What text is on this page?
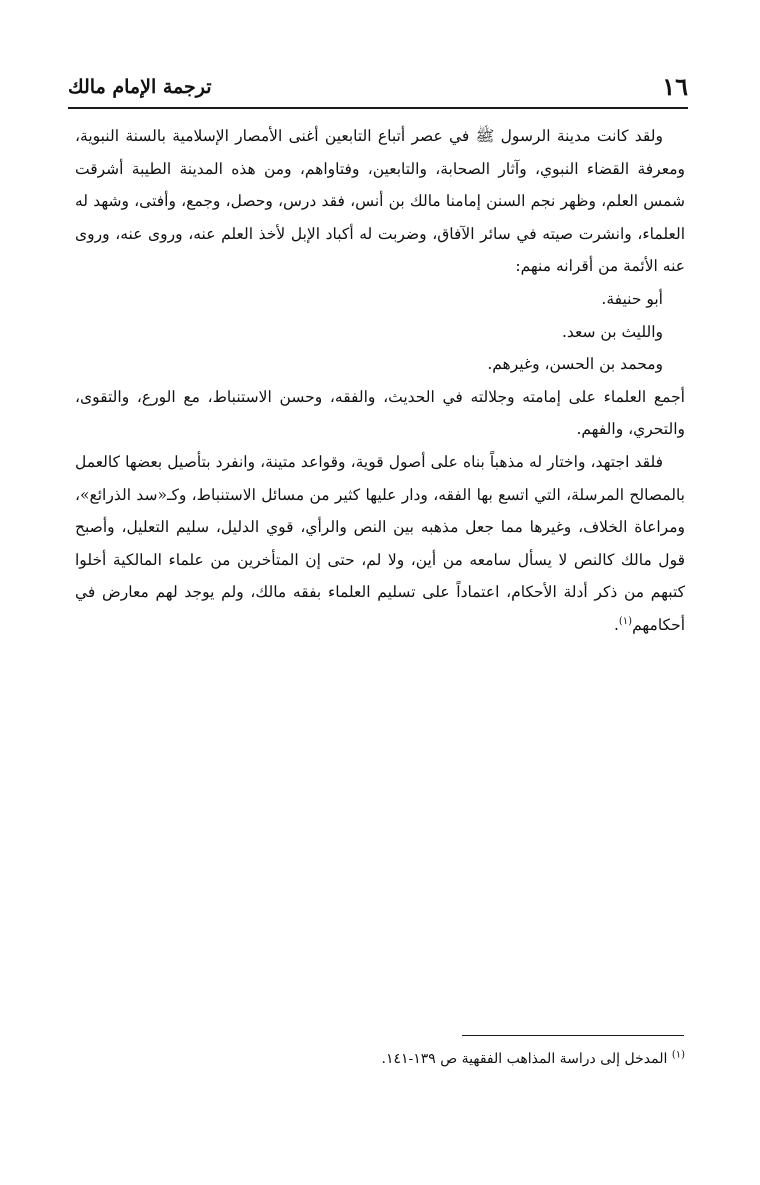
١٦
ترجمة الإمام مالك

ولقد كانت مدينة الرسول ﷺ في عصر أتباع التابعين أغنى الأمصار الإسلامية بالسنة النبوية، ومعرفة القضاء النبوي، وآثار الصحابة، والتابعين، وفتاواهم، ومن هذه المدينة الطيبة أشرقت شمس العلم، وظهر نجم السنن إمامنا مالك بن أنس، فقد درس، وحصل، وجمع، وأفتى، وشهد له العلماء، وانشرت صيته في سائر الآفاق، وضربت له أكباد الإبل لأخذ العلم عنه، وروى عنه، وروى عنه الأئمة من أقرانه منهم:

أبو حنيفة.

والليث بن سعد.

ومحمد بن الحسن، وغيرهم.

أجمع العلماء على إمامته وجلالته في الحديث، والفقه، وحسن الاستنباط، مع الورع، والتقوى، والتحري، والفهم.

فلقد اجتهد، واختار له مذهباً بناه على أصول قوية، وقواعد متينة، وانفرد بتأصيل بعضها كالعمل بالمصالح المرسلة، التي اتسع بها الفقه، ودار عليها كثير من مسائل الاستنباط، وكـ«سد الذرائع»، ومراعاة الخلاف، وغيرها مما جعل مذهبه بين النص والرأي، قوي الدليل، سليم التعليل، وأصبح قول مالك كالنص لا يسأل سامعه من أين، ولا لم، حتى إن المتأخرين من علماء المالكية أخلوا كتبهم من ذكر أدلة الأحكام، اعتماداً على تسليم العلماء بفقه مالك، ولم يوجد لهم معارض في أحكامهم$^{(١)}$.

$^{(١)}$ المدخل إلى دراسة المذاهب الفقهية ص ١٣٩-١٤١.
